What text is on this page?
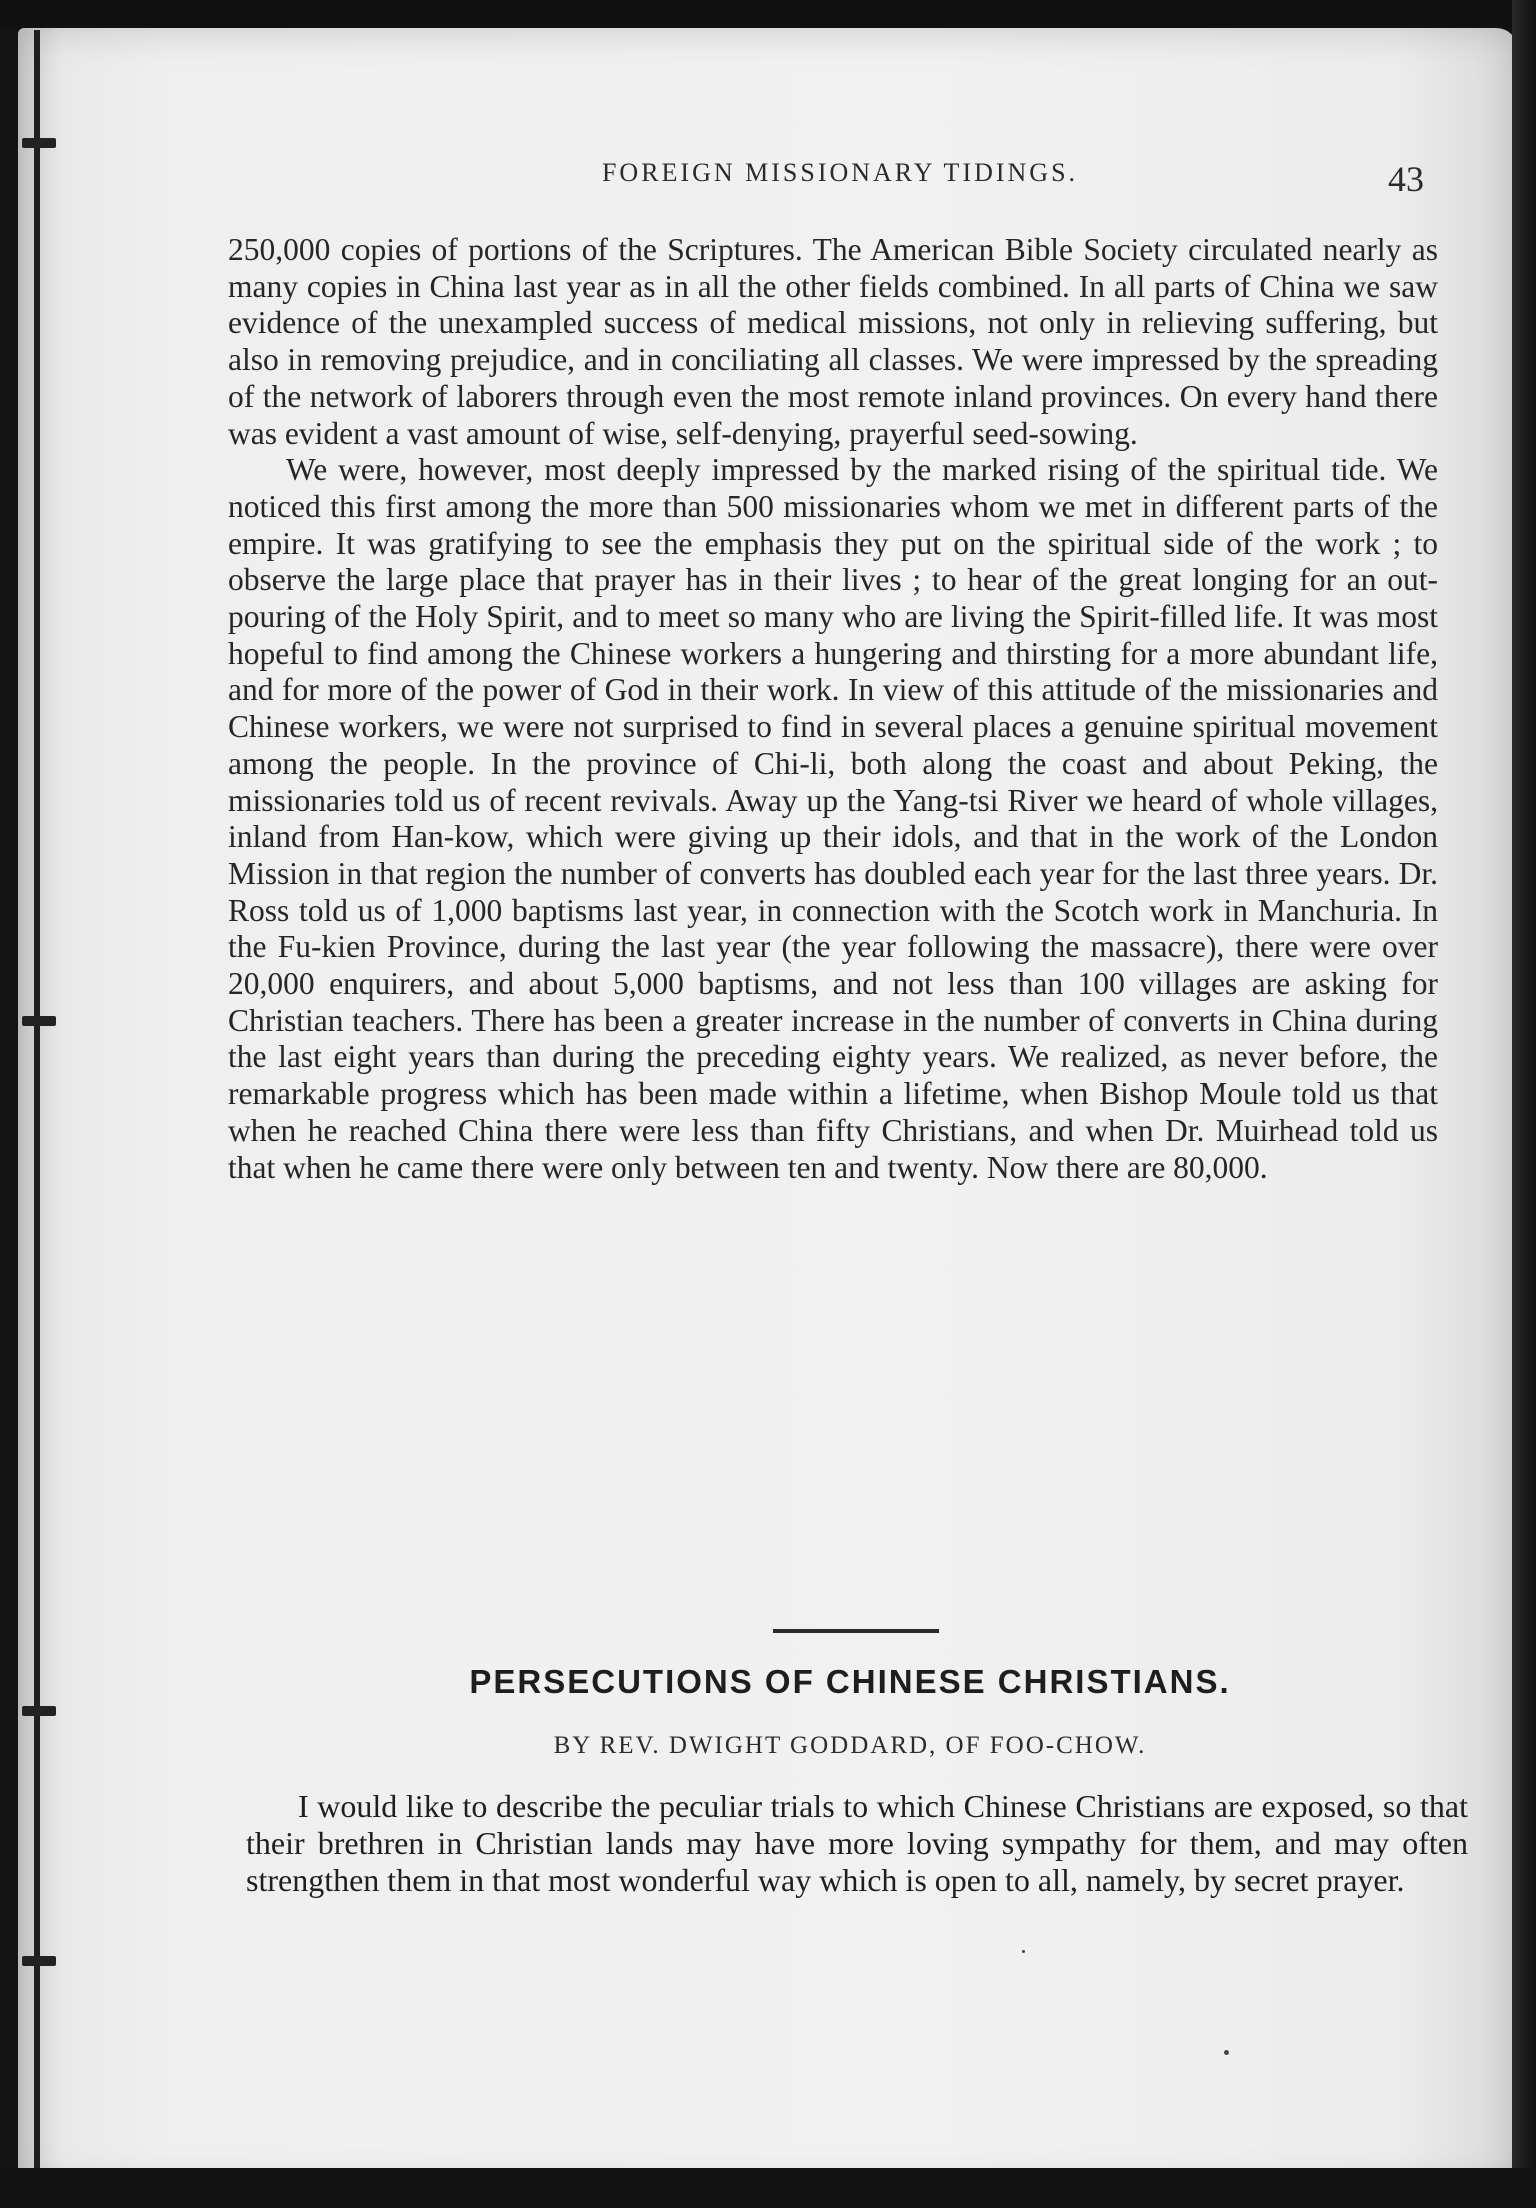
FOREIGN MISSIONARY TIDINGS.	43

250,000 copies of portions of the Scriptures. The American Bible Society circulated nearly as many copies in China last year as in all the other fields combined. In all parts of China we saw evidence of the unexampled success of medical missions, not only in relieving suffering, but also in removing prejudice, and in conciliating all classes. We were impressed by the spreading of the network of laborers through even the most remote inland provinces. On every hand there was evident a vast amount of wise, self-denying, prayerful seed-sowing.

We were, however, most deeply impressed by the marked rising of the spiritual tide. We noticed this first among the more than 500 missionaries whom we met in different parts of the empire. It was gratifying to see the emphasis they put on the spiritual side of the work ; to observe the large place that prayer has in their lives ; to hear of the great longing for an out-pouring of the Holy Spirit, and to meet so many who are living the Spirit-filled life. It was most hopeful to find among the Chinese workers a hungering and thirsting for a more abundant life, and for more of the power of God in their work. In view of this attitude of the missionaries and Chinese workers, we were not surprised to find in several places a genuine spiritual movement among the people. In the province of Chi-li, both along the coast and about Peking, the missionaries told us of recent revivals. Away up the Yang-tsi River we heard of whole villages, inland from Han-kow, which were giving up their idols, and that in the work of the London Mission in that region the number of converts has doubled each year for the last three years. Dr. Ross told us of 1,000 baptisms last year, in connection with the Scotch work in Manchuria. In the Fu-kien Province, during the last year (the year following the massacre), there were over 20,000 enquirers, and about 5,000 baptisms, and not less than 100 villages are asking for Christian teachers. There has been a greater increase in the number of converts in China during the last eight years than during the preceding eighty years. We realized, as never before, the remarkable progress which has been made within a lifetime, when Bishop Moule told us that when he reached China there were less than fifty Christians, and when Dr. Muirhead told us that when he came there were only between ten and twenty. Now there are 80,000.

PERSECUTIONS OF CHINESE CHRISTIANS.
BY REV. DWIGHT GODDARD, OF FOO-CHOW.

I would like to describe the peculiar trials to which Chinese Christians are exposed, so that their brethren in Christian lands may have more loving sympathy for them, and may often strengthen them in that most wonderful way which is open to all, namely, by secret prayer.
